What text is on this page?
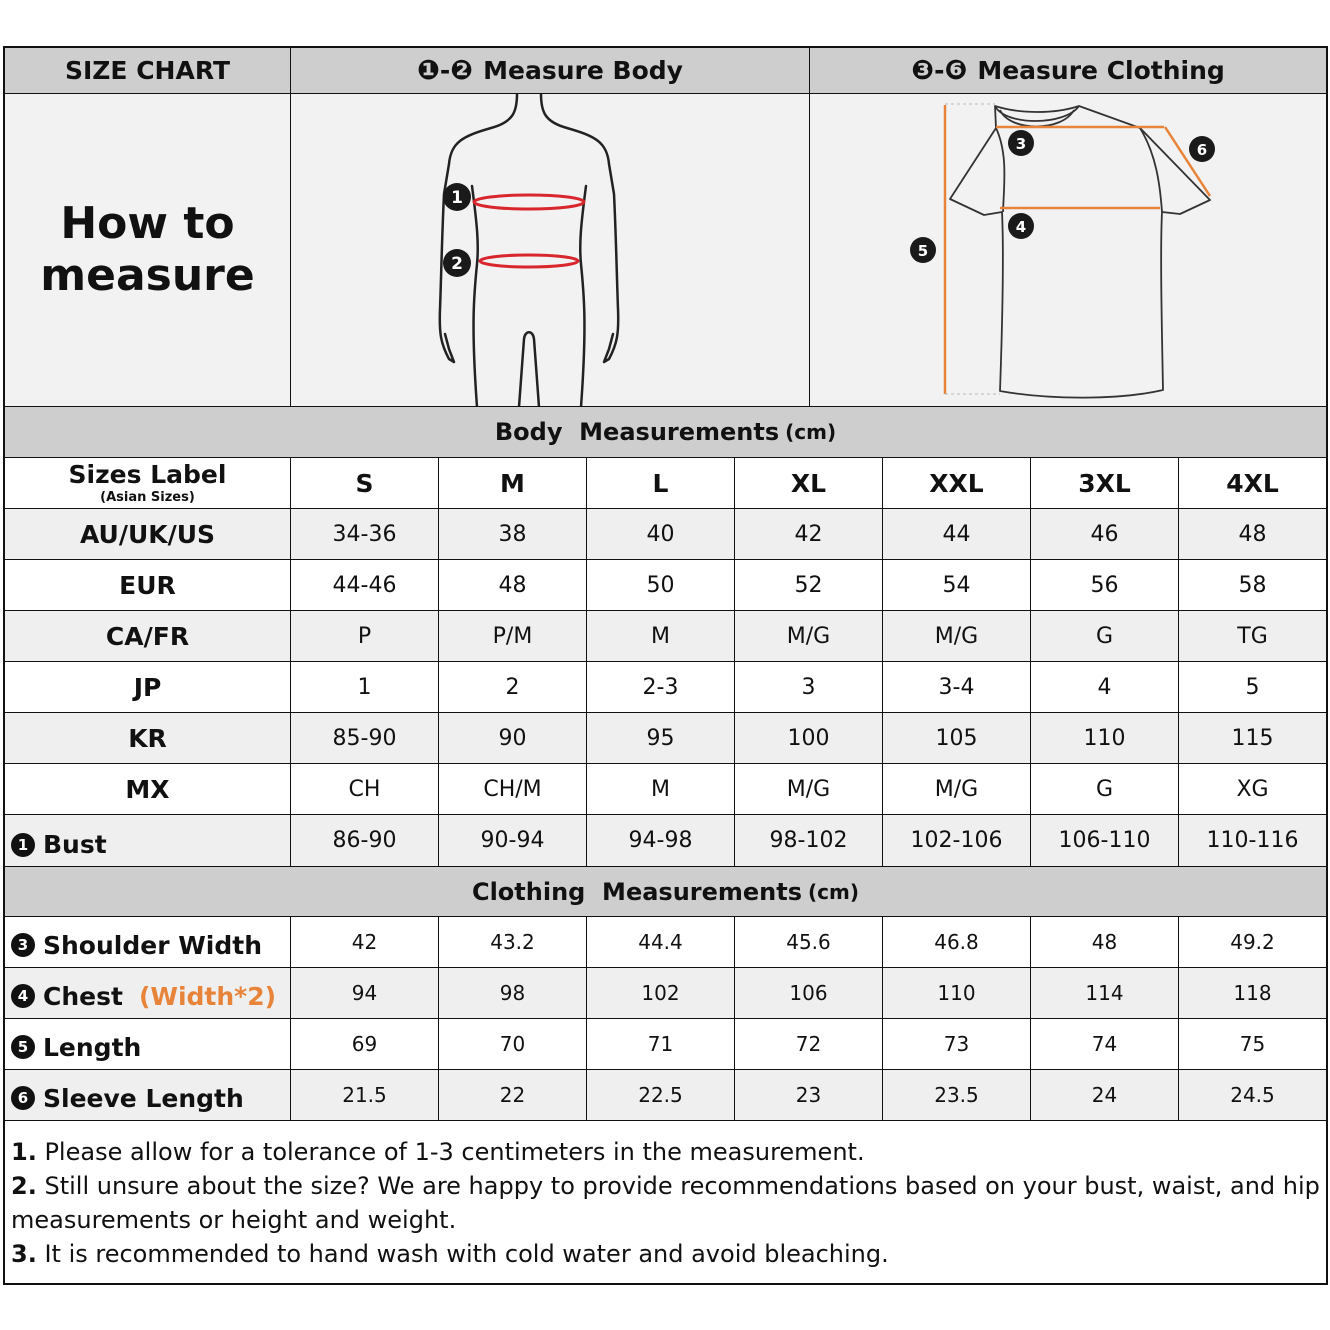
SIZE CHART	❶ - ❷ Measure Body	❸ - ❻ Measure Clothing
How to
measure
1
2
3
4
5
6
Body  Measurements (cm)
Sizes Label
(Asian Sizes)	S	M	L	XL	XXL	3XL	4XL
AU/UK/US	34-36	38	40	42	44	46	48
EUR	44-46	48	50	52	54	56	58
CA/FR	P	P/M	M	M/G	M/G	G	TG
JP	1	2	2-3	3	3-4	4	5
KR	85-90	90	95	100	105	110	115
MX	CH	CH/M	M	M/G	M/G	G	XG
1 Bust	86-90	90-94	94-98	98-102	102-106	106-110	110-116
Clothing  Measurements (cm)
3 Shoulder Width	42	43.2	44.4	45.6	46.8	48	49.2
4 Chest (Width*2)	94	98	102	106	110	114	118
5 Length	69	70	71	72	73	74	75
6 Sleeve Length	21.5	22	22.5	23	23.5	24	24.5
1. Please allow for a tolerance of 1-3 centimeters in the measurement.
2. Still unsure about the size? We are happy to provide recommendations based on your bust, waist, and hip measurements or height and weight.
3. It is recommended to hand wash with cold water and avoid bleaching.
